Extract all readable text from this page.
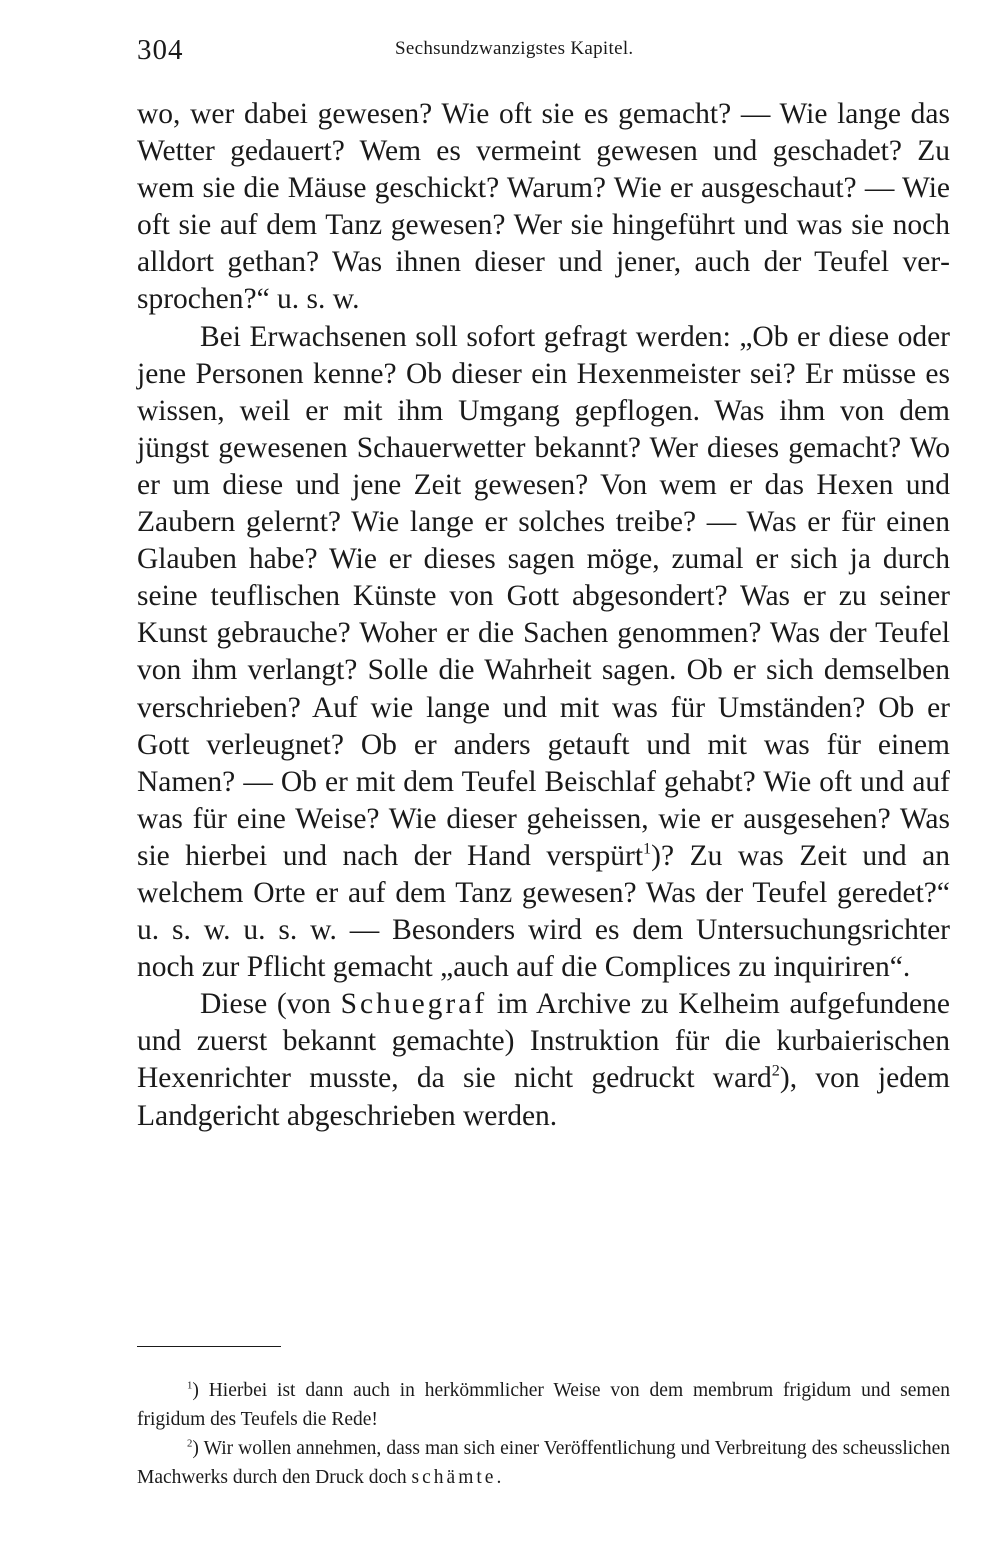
304	Sechsundzwanzigstes Kapitel.

wo, wer dabei gewesen? Wie oft sie es gemacht? — Wie lange das Wetter gedauert? Wem es vermeint gewesen und geschadet? Zu wem sie die Mäuse geschickt? Warum? Wie er ausgeschaut? — Wie oft sie auf dem Tanz gewesen? Wer sie hingeführt und was sie noch alldort gethan? Was ihnen dieser und jener, auch der Teufel versprochen?“ u. s. w.

Bei Erwachsenen soll sofort gefragt werden: „Ob er diese oder jene Personen kenne? Ob dieser ein Hexenmeister sei? Er müsse es wissen, weil er mit ihm Umgang gepflogen. Was ihm von dem jüngst gewesenen Schauerwetter bekannt? Wer dieses gemacht? Wo er um diese und jene Zeit gewesen? Von wem er das Hexen und Zaubern gelernt? Wie lange er solches treibe? — Was er für einen Glauben habe? Wie er dieses sagen möge, zumal er sich ja durch seine teuflischen Künste von Gott abgesondert? Was er zu seiner Kunst gebrauche? Woher er die Sachen genommen? Was der Teufel von ihm verlangt? Solle die Wahrheit sagen. Ob er sich demselben verschrieben? Auf wie lange und mit was für Umständen? Ob er Gott verleugnet? Ob er anders getauft und mit was für einem Namen? — Ob er mit dem Teufel Beischlaf gehabt? Wie oft und auf was für eine Weise? Wie dieser geheissen, wie er ausgesehen? Was sie hierbei und nach der Hand verspürt$^1$)? Zu was Zeit und an welchem Orte er auf dem Tanz gewesen? Was der Teufel geredet?“ u. s. w. u. s. w. — Besonders wird es dem Untersuchungsrichter noch zur Pflicht gemacht „auch auf die Complices zu inquiriren“.

Diese (von Schuegraf im Archive zu Kelheim aufgefundene und zuerst bekannt gemachte) Instruktion für die kurbaierischen Hexenrichter musste, da sie nicht gedruckt ward$^2$), von jedem Landgericht abgeschrieben werden.

$^1$) Hierbei ist dann auch in herkömmlicher Weise von dem membrum frigidum und semen frigidum des Teufels die Rede!

$^2$) Wir wollen annehmen, dass man sich einer Veröffentlichung und Verbreitung des scheusslichen Machwerks durch den Druck doch schämte.
